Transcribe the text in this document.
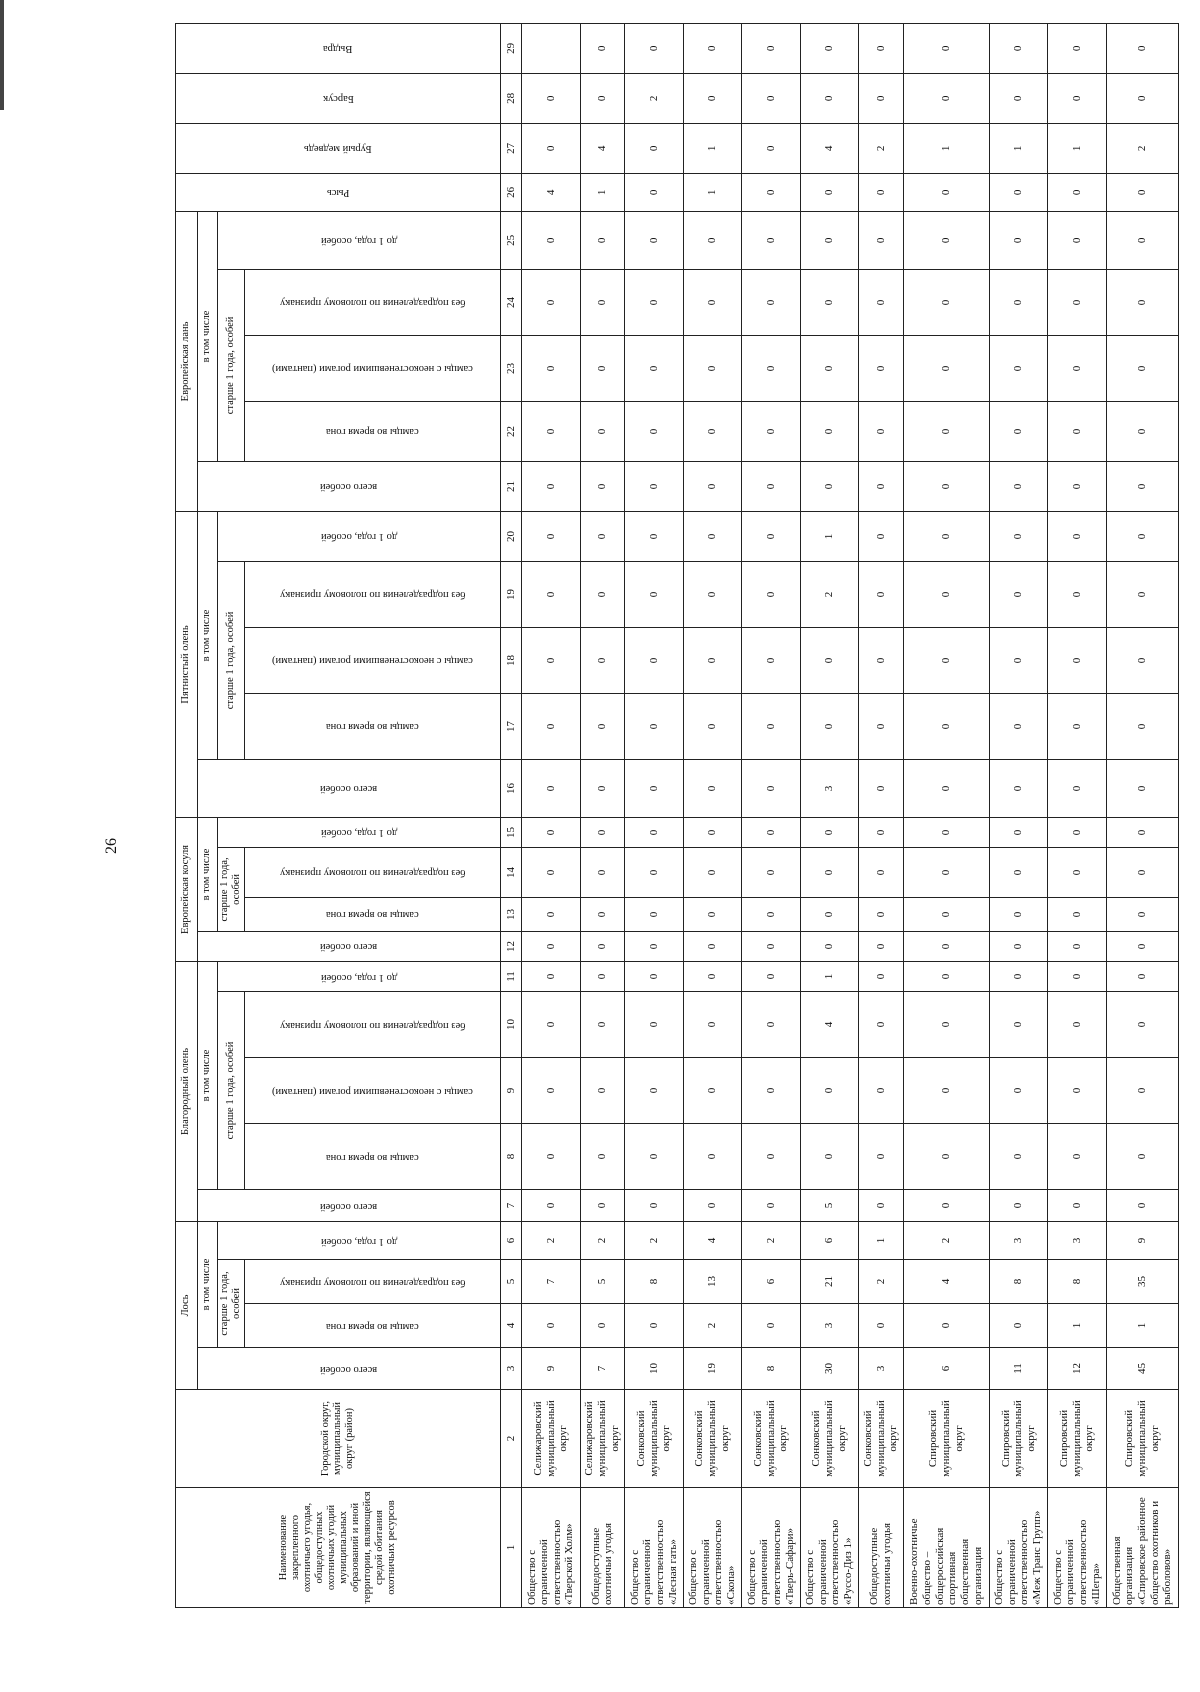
26
Наименование закрепленного охотничьего угодья, общедоступных охотничьих угодий муниципальных образований и иной территории, являющейся средой обитания охотничьих ресурсов	Городской округ, муниципальный округ (район)	Лось				Благородный олень					Европейская косуля				Пятнистый олень					Европейская лань					Рысь	Бурый медведь	Барсук	Выдра

		всего особей	в том числе			всего особей	в том числе				всего особей	в том числе			всего особей	в том числе				всего особей	в том числе							
			старше 1 года, особей		до 1 года, особей		старше 1 года, особей			до 1 года, особей		старше 1 года, особей		до 1 года, особей		старше 1 года, особей			до 1 года, особей		старше 1 года, особей			до 1 года, особей				

			самцы во время гона	без подразделения по половому признаку			самцы во время гона	самцы с неокостеневшими рогами (пантами)	без подразделения по половому признаку			самцы во время гона	без подразделения по половому признаку			самцы во время гона	самцы с неокостеневшими рогами (пантами)	без подразделения по половому признаку			самцы во время гона	самцы с неокостеневшими рогами (пантами)	без подразделения по половому признаку					

1	2	3	4	5	6	7	8	9	10	11	12	13	14	15	16	17	18	19	20	21	22	23	24	25	26	27	28	29
Общество с ограниченной ответственностью «Тверской Холм»	Селижаровский муниципальный округ	9	0	7	2	0	0	0	0	0	0	0	0	0	0	0	0	0	0	0	0	0	0	0	4	0	0	
Общедоступные охотничьи угодья	Селижаровский муниципальный округ	7	0	5	2	0	0	0	0	0	0	0	0	0	0	0	0	0	0	0	0	0	0	0	1	4	0	0
Общество с ограниченной ответственностью «Лесная гать»	Сонковский муниципальный округ	10	0	8	2	0	0	0	0	0	0	0	0	0	0	0	0	0	0	0	0	0	0	0	0	0	2	0
Общество с ограниченной ответственностью «Скопа»	Сонковский муниципальный округ	19	2	13	4	0	0	0	0	0	0	0	0	0	0	0	0	0	0	0	0	0	0	0	1	1	0	0
Общество с ограниченной ответственностью «Тверь-Сафари»	Сонковский муниципальный округ	8	0	6	2	0	0	0	0	0	0	0	0	0	0	0	0	0	0	0	0	0	0	0	0	0	0	0
Общество с ограниченной ответственностью «Руссо-Диз 1»	Сонковский муниципальный округ	30	3	21	6	5	0	0	4	1	0	0	0	0	3	0	0	2	1	0	0	0	0	0	0	4	0	0
Общедоступные охотничьи угодья	Сонковский муниципальный округ	3	0	2	1	0	0	0	0	0	0	0	0	0	0	0	0	0	0	0	0	0	0	0	0	2	0	0
Военно-охотничье общество – общероссийская спортивная общественная организация	Спировский муниципальный округ	6	0	4	2	0	0	0	0	0	0	0	0	0	0	0	0	0	0	0	0	0	0	0	0	1	0	0
Общество с ограниченной ответственностью «Меж Транс Групп»	Спировский муниципальный округ	11	0	8	3	0	0	0	0	0	0	0	0	0	0	0	0	0	0	0	0	0	0	0	0	1	0	0
Общество с ограниченной ответственностью «Шегра»	Спировский муниципальный округ	12	1	8	3	0	0	0	0	0	0	0	0	0	0	0	0	0	0	0	0	0	0	0	0	1	0	0
Общественная организация «Спировское районное общество охотников и рыболовов»	Спировский муниципальный округ	45	1	35	9	0	0	0	0	0	0	0	0	0	0	0	0	0	0	0	0	0	0	0	0	2	0	0
